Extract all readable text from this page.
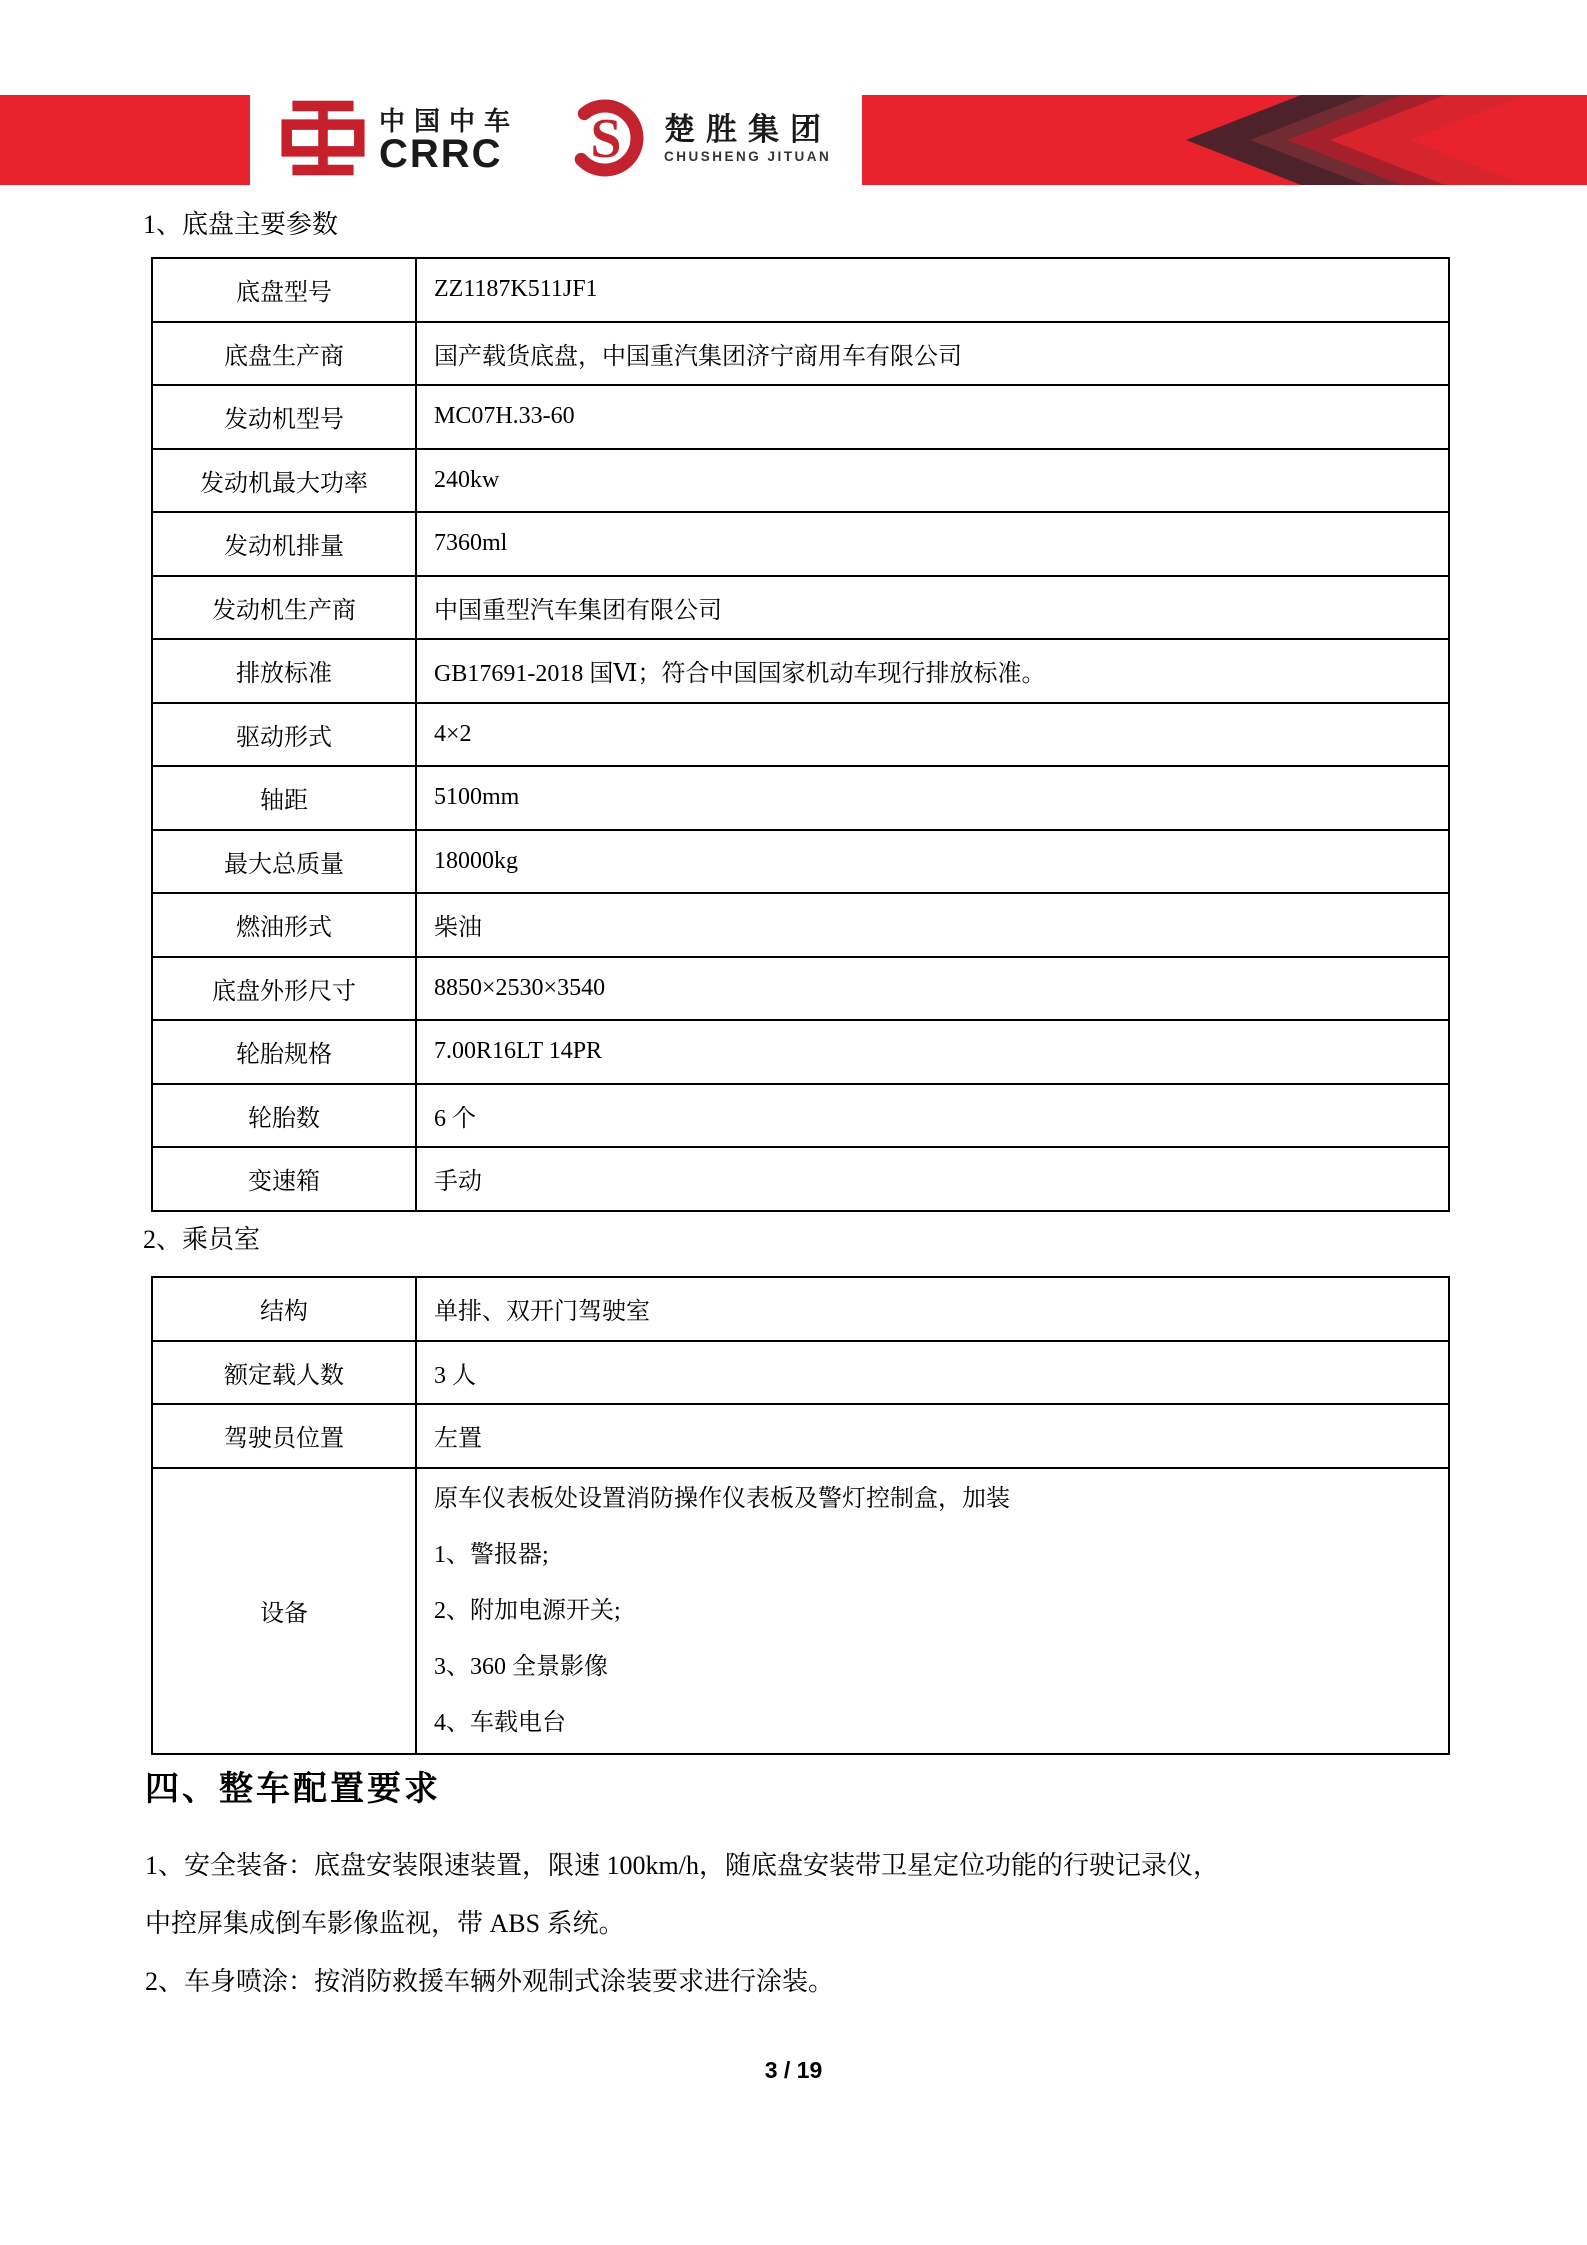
中国中车
CRRC S 楚胜集团
CHUSHENG JITUAN
1、底盘主要参数
底盘型号	ZZ1187K511JF1
底盘生产商	国产载货底盘，中国重汽集团济宁商用车有限公司
发动机型号	MC07H.33-60
发动机最大功率	240kw
发动机排量	7360ml
发动机生产商	中国重型汽车集团有限公司
排放标准	GB17691-2018 国Ⅵ；符合中国国家机动车现行排放标准。
驱动形式	4×2
轴距	5100mm
最大总质量	18000kg
燃油形式	柴油
底盘外形尺寸	8850×2530×3540
轮胎规格	7.00R16LT 14PR
轮胎数	6 个
变速箱	手动
2、乘员室
结构	单排、双开门驾驶室
额定载人数	3 人
驾驶员位置	左置
设备	原车仪表板处设置消防操作仪表板及警灯控制盒，加装
1、警报器;
2、附加电源开关;
3、360 全景影像
4、车载电台
四、整车配置要求
1、安全装备：底盘安装限速装置，限速 100km/h，随底盘安装带卫星定位功能的行驶记录仪，
中控屏集成倒车影像监视，带 ABS 系统。
2、车身喷涂：按消防救援车辆外观制式涂装要求进行涂装。
3 / 19
